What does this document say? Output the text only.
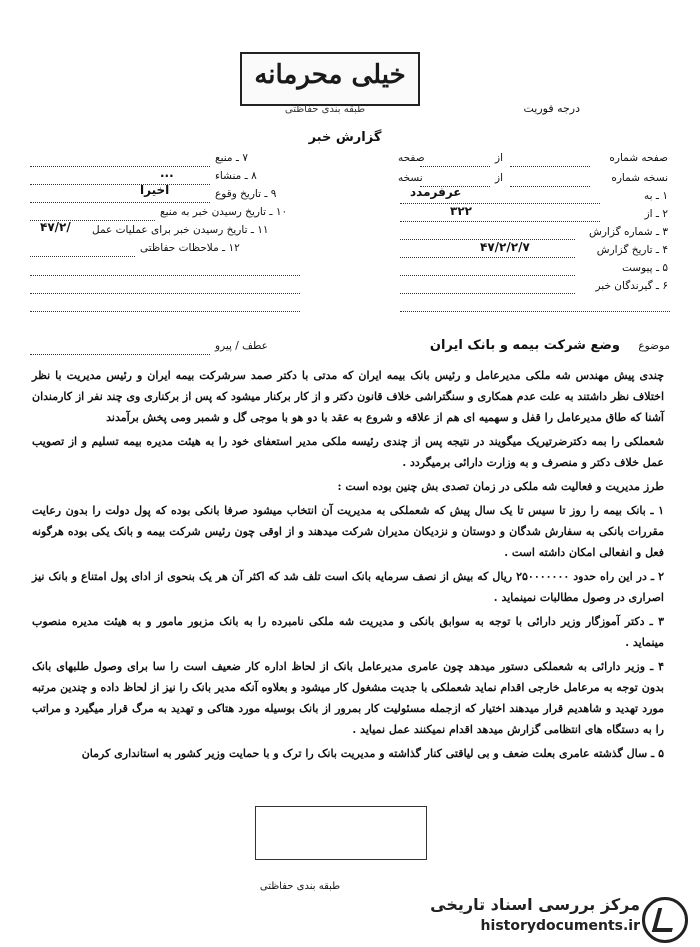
خیلی محرمانه
طبقه بندی حفاظتی	درجه فوریت
گزارش خبر
صفحه شماره
از
صفحه
نسخه شماره
از
نسخه
۱ ـ به
عرفرمدد
۲ ـ از
۳۲۲
۳ ـ شماره گزارش
۴ ـ تاریخ گزارش
۴۷/۲/۲/۷
۵ ـ پیوست
۶ ـ گیرندگان خبر
۷ ـ منبع
۸ ـ منشاء
...
۹ ـ تاریخ وقوع
اخیرا
۱۰ ـ تاریخ رسیدن خبر به منبع
۱۱ ـ تاریخ رسیدن خبر برای عملیات عمل
۴۷/۲/
۱۲ ـ ملاحظات حفاظتی
موضوع
وضع شرکت بیمه و بانک ایران
عطف / پیرو

چندی پیش مهندس شه ملکی مدیرعامل و رئیس بانک بیمه ایران که مدتی با دکتر صمد سرشرکت بیمه ایران و رئیس مدیریت با نظر اختلاف نظر داشتند به علت عدم همکاری و سنگتراشی خلاف قانون دکتر و از کار برکنار میشود که پس از برکناری وی چند نفر از کارمندان آشنا که طاق مدیرعامل را قفل و سهمیه ای هم از علاقه و شروع به عقد با دو هو با موجی گل و شمبر ومی پخش برآمدند

شعملکی را بمه دکترضرتیریک میگویند در نتیجه پس از چندی رئیسه ملکی مدیر استعفای خود را به هیئت مدیره بیمه تسلیم و از تصویب عمل خلاف دکتر و منصرف و به وزارت دارائی برمیگردد .

طرز مدیریت و فعالیت شه ملکی در زمان تصدی بش چنین بوده است :

۱ ـ بانک بیمه را روز تا سیس تا یک سال پیش که شعملکی به مدیریت آن انتخاب میشود صرفا بانکی بوده که پول دولت را بدون رعایت مقررات بانکی به سفارش شدگان و دوستان و نزدیکان مدیران شرکت میدهند و از اوقی چون رئیس شرکت بیمه و بانک یکی بوده هرگونه فعل و انفعالی امکان داشته است .

۲ ـ در این راه حدود ۲۵۰۰۰۰۰۰۰ ریال که بیش از نصف سرمایه بانک است تلف شد که اکثر آن هر یک بنحوی از ادای پول امتناع و بانک نیز اصراری در وصول مطالبات نمینماید .

۳ ـ دکتر آموزگار وزیر دارائی با توجه به سوابق بانکی و مدیریت شه ملکی نامبرده را به بانک مزبور مامور و به هیئت مدیره منصوب مینماید .

۴ ـ وزیر دارائی به شعملکی دستور میدهد چون عامری مدیرعامل بانک از لحاظ اداره کار ضعیف است را سا برای وصول طلبهای بانک بدون توجه به مرعامل خارجی اقدام نماید شعملکی با جدیت مشغول کار میشود و بعلاوه آنکه مدیر بانک را نیز از لحاظ داده و چندین مرتبه مورد تهدید و شاهدیم قرار میدهند اختیار که ازجمله مسئولیت کار بمرور از بانک بوسیله مورد هتاکی و تهدید به مرگ قرار میگیرد و مراتب را به دستگاه های انتظامی گزارش میدهد اقدام نمیکنند عمل نمیاید .

۵ ـ سال گذشته عامری بعلت ضعف و بی لیاقتی کنار گذاشته و مدیریت بانک را ترک و با حمایت وزیر کشور به استانداری کرمان

طبقه بندی حفاظتی
مرکز بررسی اسناد تاریخی
historydocuments.ir
